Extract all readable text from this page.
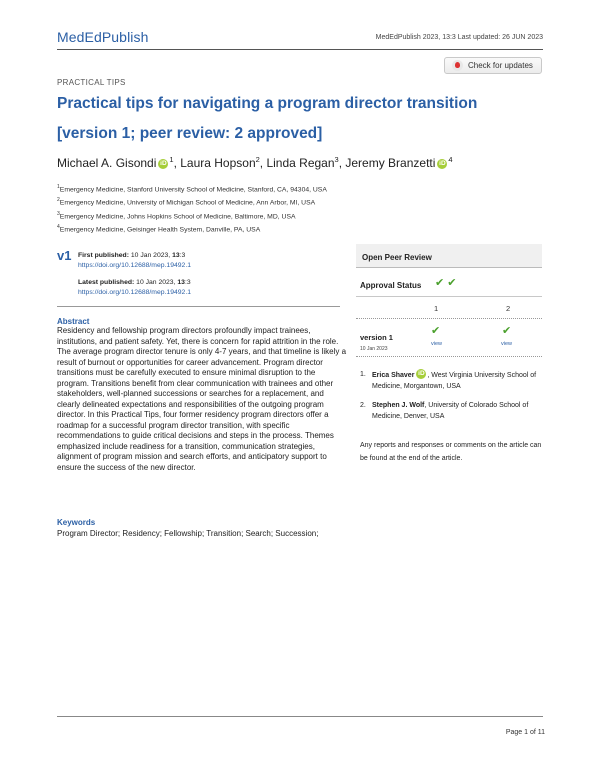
MedEdPublish	MedEdPublish 2023, 13:3 Last updated: 26 JUN 2023
Check for updates
PRACTICAL TIPS
Practical tips for navigating a program director transition
[version 1; peer review: 2 approved]
Michael A. Gisondi iD $^1$, Laura Hopson$^2$, Linda Regan$^3$, Jeremy Branzetti iD $^4$
$^1$Emergency Medicine, Stanford University School of Medicine, Stanford, CA, 94304, USA
$^2$Emergency Medicine, University of Michigan School of Medicine, Ann Arbor, MI, USA
$^3$Emergency Medicine, Johns Hopkins School of Medicine, Baltimore, MD, USA
$^4$Emergency Medicine, Geisinger Health System, Danville, PA, USA
v1 First published: 10 Jan 2023, 13:3
https://doi.org/10.12688/mep.19492.1
Latest published: 10 Jan 2023, 13:3
https://doi.org/10.12688/mep.19492.1
Abstract
Residency and fellowship program directors profoundly impact trainees, institutions, and patient safety. Yet, there is concern for rapid attrition in the role. The average program director tenure is only 4-7 years, and that timeline is likely a result of burnout or opportunities for career advancement. Program director transitions must be carefully executed to ensure minimal disruption to the program. Transitions benefit from clear communication with trainees and other stakeholders, well-planned successions or searches for a replacement, and clearly delineated expectations and responsibilities of the outgoing program director. In this Practical Tips, four former residency program directors offer a roadmap for a successful program director transition, with specific recommendations to guide critical decisions and steps in the process. Themes emphasized include readiness for a transition, communication strategies, alignment of program mission and search efforts, and anticipatory support to ensure the success of the new director.
Keywords
Program Director; Residency; Fellowship; Transition; Search; Succession;
Open Peer Review
Approval Status ✔ ✔
1	2
version 1
10 Jan 2023
✔	✔
view	view
1. Erica Shaver iD , West Virginia University School of Medicine, Morgantown, USA
2. Stephen J. Wolf, University of Colorado School of Medicine, Denver, USA
Any reports and responses or comments on the article can be found at the end of the article.
Page 1 of 11
